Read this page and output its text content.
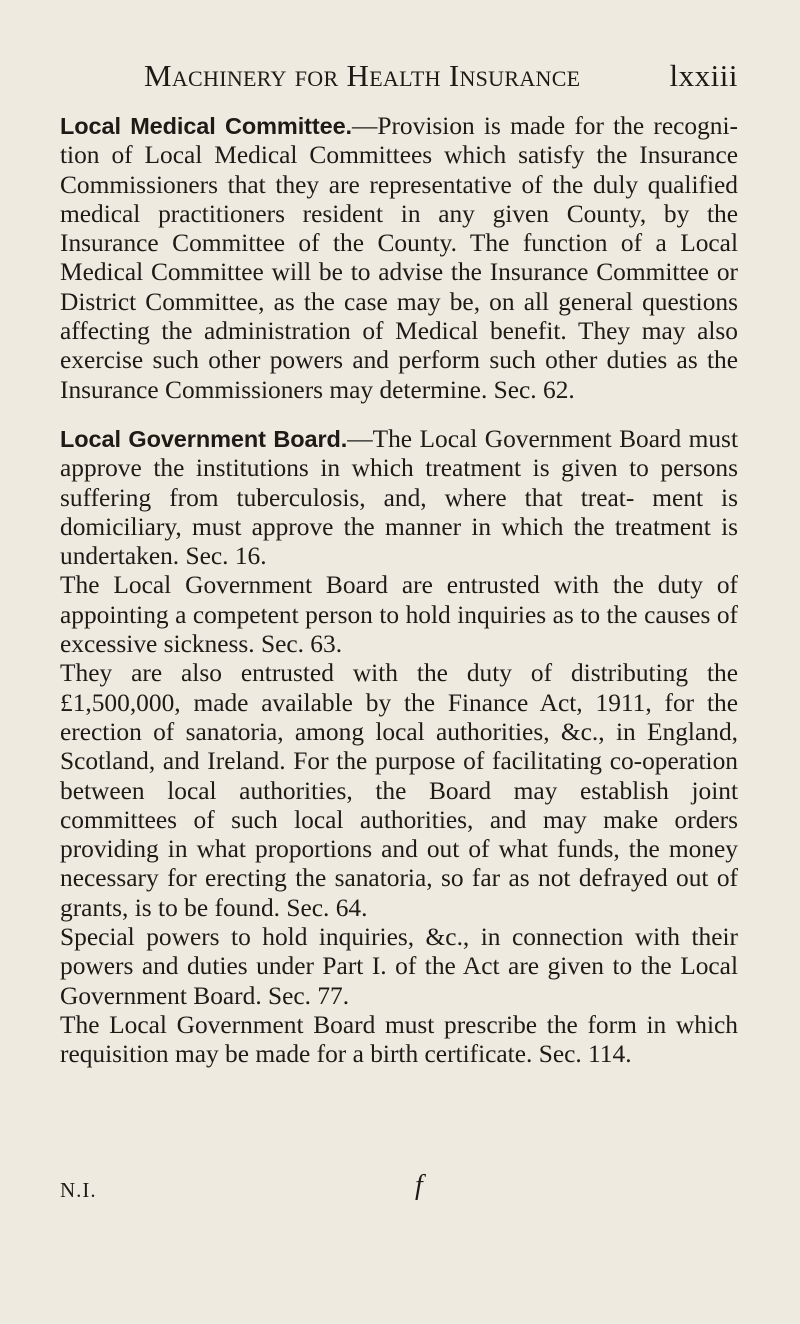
Machinery for Health Insurance	lxxiii

Local Medical Committee.—Provision is made for the recogni- tion of Local Medical Committees which satisfy the Insurance Commissioners that they are representative of the duly qualified medical practitioners resident in any given County, by the Insurance Committee of the County. The function of a Local Medical Committee will be to advise the Insurance Committee or District Committee, as the case may be, on all general questions affecting the administration of Medical benefit. They may also exercise such other powers and perform such other duties as the Insurance Commissioners may determine. Sec. 62.

Local Government Board.—The Local Government Board must approve the institutions in which treatment is given to persons suffering from tuberculosis, and, where that treat- ment is domiciliary, must approve the manner in which the treatment is undertaken. Sec. 16.

The Local Government Board are entrusted with the duty of appointing a competent person to hold inquiries as to the causes of excessive sickness. Sec. 63.

They are also entrusted with the duty of distributing the £1,500,000, made available by the Finance Act, 1911, for the erection of sanatoria, among local authorities, &c., in England, Scotland, and Ireland. For the purpose of facilitating co-operation between local authorities, the Board may establish joint committees of such local authorities, and may make orders providing in what proportions and out of what funds, the money necessary for erecting the sanatoria, so far as not defrayed out of grants, is to be found. Sec. 64.

Special powers to hold inquiries, &c., in connection with their powers and duties under Part I. of the Act are given to the Local Government Board. Sec. 77.

The Local Government Board must prescribe the form in which requisition may be made for a birth certificate. Sec. 114.

N.I.	f
